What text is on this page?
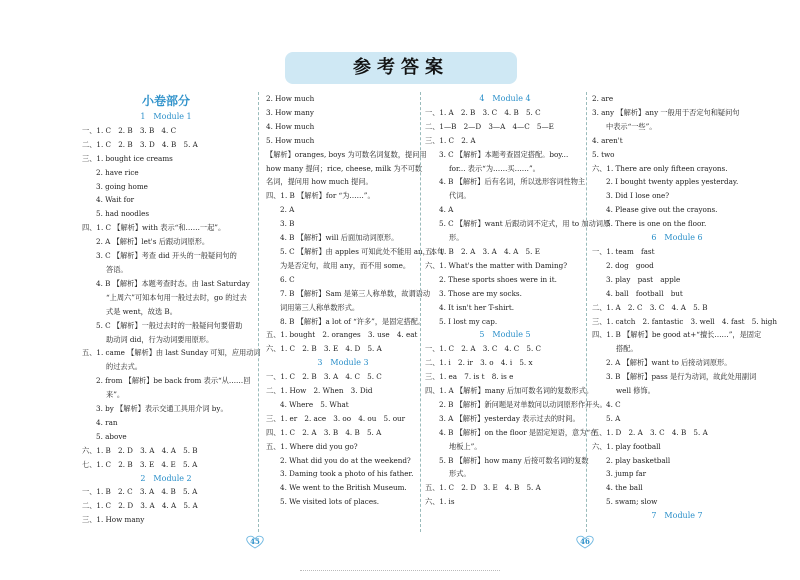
参考答案
小卷部分
1　Module 1
一、1. C　2. B　3. B　4. C
二、1. C　2. B　3. D　4. B　5. A
三、1. bought ice creams
2. have rice
3. going home
4. Wait for
5. had noodles
四、1. C 【解析】with 表示“和……一起”。
2. A 【解析】let's 后跟动词原形。
3. C 【解析】考查 did 开头的一般疑问句的
答语。
4. B 【解析】本题考查时态。由 last Saturday
“上周六”可知本句用一般过去时，go 的过去
式是 went，故选 B。
5. C 【解析】一般过去时的一般疑问句要借助
助动词 did，行为动词要用原形。
五、1. came 【解析】由 last Sunday 可知，应用动词
的过去式。
2. from 【解析】be back from 表示“从……回
来”。
3. by 【解析】表示交通工具用介词 by。
4. ran
5. above
六、1. B　2. D　3. A　4. A　5. B
七、1. C　2. B　3. E　4. E　5. A
2　Module 2
一、1. B　2. C　3. A　4. B　5. A
二、1. C　2. D　3. A　4. A　5. A
三、1. How many
2. How much
3. How many
4. How much
5. How much
【解析】oranges, boys 为可数名词复数，提问用
how many 提问；rice, cheese, milk 为不可数
名词，提问用 how much 提问。
四、1. B 【解析】for “为……”。
2. A
3. B
4. B 【解析】will 后面加动词原形。
5. C 【解析】由 apples 可知此处不能用 an，本句
为是否定句，故用 any，而不用 some。
6. C
7. B 【解析】Sam 是第三人称单数，故谓语动
词用第三人称单数形式。
8. B 【解析】a lot of “许多”，是固定搭配。
五、1. bought　2. oranges　3. use　4. eat
六、1. C　2. B　3. E　4. D　5. A
3　Module 3
一、1. C　2. B　3. A　4. C　5. C
二、1. How　2. When　3. Did
4. Where　5. What
三、1. er　2. ace　3. oo　4. ou　5. our
四、1. C　2. A　3. B　4. B　5. A
五、1. Where did you go?
2. What did you do at the weekend?
3. Daming took a photo of his father.
4. We went to the British Museum.
5. We visited lots of places.
4　Module 4
一、1. A　2. B　3. C　4. B　5. C
二、1—B　2—D　3—A　4—C　5—E
三、1. C　2. A
3. C 【解析】本题考查固定搭配。boy...
for... 表示“为……买……”。
4. B 【解析】后有名词，所以选形容词性物主
代词。
4. A
5. C 【解析】want 后跟动词不定式，用 to 加动词原
形。
五、1. B　2. A　3. A　4. A　5. E
六、1. What's the matter with Daming?
2. These sports shoes were in it.
3. Those are my socks.
4. It isn't her T-shirt.
5. I lost my cap.
5　Module 5
一、1. C　2. A　3. C　4. C　5. C
二、1. i　2. ir　3. o　4. i　5. x
三、1. ea　7. is t　8. is e
四、1. A 【解析】many 后加可数名词的复数形式。
2. B 【解析】新问题是对单数问以动词原形作开头。
3. A 【解析】yesterday 表示过去的时间。
4. B 【解析】on the floor 是固定短语，意为“在
地板上”。
5. B 【解析】how many 后接可数名词的复数
形式。
五、1. C　2. D　3. E　4. B　5. A
六、1. is
2. are
3. any 【解析】any 一般用于否定句和疑问句
中表示“一些”。
4. aren't
5. two
六、1. There are only fifteen crayons.
2. I bought twenty apples yesterday.
3. Did I lose one?
4. Please give out the crayons.
5. There is one on the floor.
6　Module 6
一、1. team　fast
2. dog　good
3. play　past　apple
4. ball　football　but
二、1. A　2. C　3. C　4. A　5. B
三、1. catch　2. fantastic　3. well　4. fast　5. high
四、1. B 【解析】be good at+“擅长……”，是固定
搭配。
2. A 【解析】want to 后接动词原形。
3. B 【解析】pass 是行为动词，故此处用副词
well 修饰。
4. C
5. A
五、1. D　2. A　3. C　4. B　5. A
六、1. play football
2. play basketball
3. jump far
4. the ball
5. swam; slow
7　Module 7
45	46
